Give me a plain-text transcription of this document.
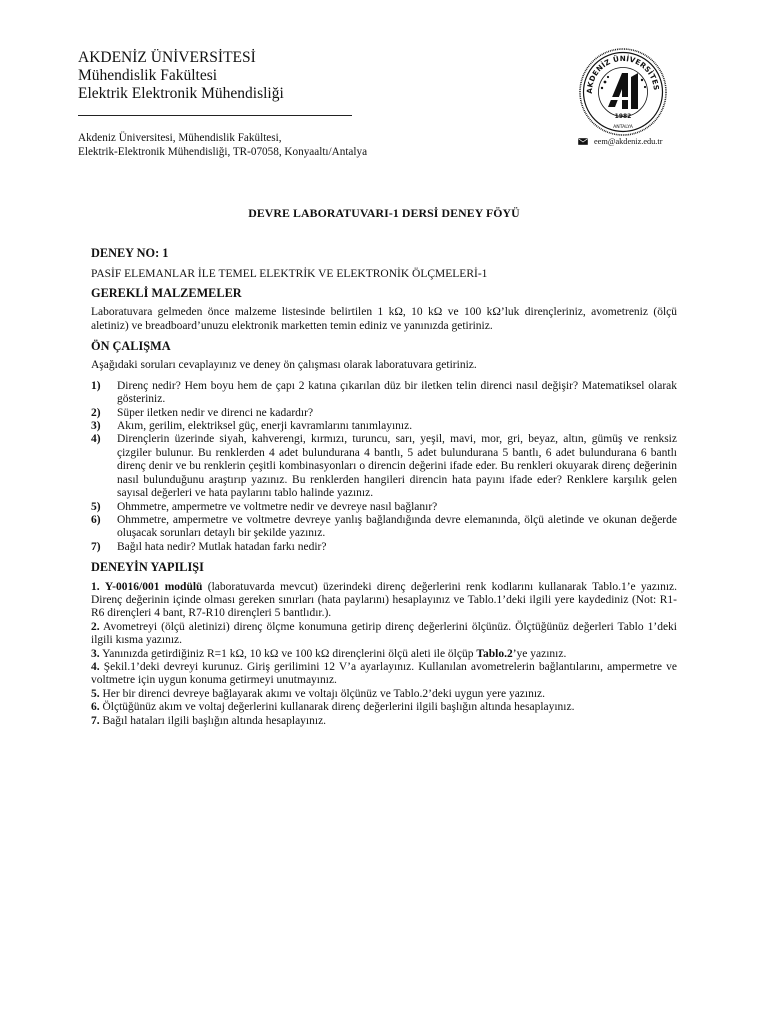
AKDENİZ ÜNİVERSİTESİ
Mühendislik Fakültesi
Elektrik Elektronik Mühendisliği
Akdeniz Üniversitesi, Mühendislik Fakültesi,
Elektrik-Elektronik Mühendisliği, TR-07058, Konyaaltı/Antalya
AKDENİZ ÜNİVERSİTES
1982
ANTALYA
eem@akdeniz.edu.tr
DEVRE LABORATUVARI-1 DERSİ DENEY FÖYÜ

DENEY NO: 1

PASİF ELEMANLAR İLE TEMEL ELEKTRİK VE ELEKTRONİK ÖLÇMELERİ-1

GEREKLİ MALZEMELER

Laboratuvara gelmeden önce malzeme listesinde belirtilen 1 kΩ, 10 kΩ ve 100 kΩ’luk dirençleriniz, avometreniz (ölçü aletiniz) ve breadboard’unuzu elektronik marketten temin ediniz ve yanınızda getiriniz.

ÖN ÇALIŞMA

Aşağıdaki soruları cevaplayınız ve deney ön çalışması olarak laboratuvara getiriniz.

1) Direnç nedir? Hem boyu hem de çapı 2 katına çıkarılan düz bir iletken telin direnci nasıl değişir? Matematiksel olarak gösteriniz.
2) Süper iletken nedir ve direnci ne kadardır?
3) Akım, gerilim, elektriksel güç, enerji kavramlarını tanımlayınız.
4) Dirençlerin üzerinde siyah, kahverengi, kırmızı, turuncu, sarı, yeşil, mavi, mor, gri, beyaz, altın, gümüş ve renksiz çizgiler bulunur. Bu renklerden 4 adet bulundurana 4 bantlı, 5 adet bulundurana 5 bantlı, 6 adet bulundurana 6 bantlı direnç denir ve bu renklerin çeşitli kombinasyonları o direncin değerini ifade eder. Bu renkleri okuyarak direnç değerinin nasıl bulunduğunu araştırıp yazınız. Bu renklerden hangileri direncin hata payını ifade eder? Renklere karşılık gelen sayısal değerleri ve hata paylarını tablo halinde yazınız.
5) Ohmmetre, ampermetre ve voltmetre nedir ve devreye nasıl bağlanır?
6) Ohmmetre, ampermetre ve voltmetre devreye yanlış bağlandığında devre elemanında, ölçü aletinde ve okunan değerde oluşacak sorunları detaylı bir şekilde yazınız.
7) Bağıl hata nedir? Mutlak hatadan farkı nedir?

DENEYİN YAPILIŞI

1. Y-0016/001 modülü (laboratuvarda mevcut) üzerindeki direnç değerlerini renk kodlarını kullanarak Tablo.1’e yazınız. Direnç değerinin içinde olması gereken sınırları (hata paylarını) hesaplayınız ve Tablo.1’deki ilgili yere kaydediniz (Not: R1-R6 dirençleri 4 bant, R7-R10 dirençleri 5 bantlıdır.).

2. Avometreyi (ölçü aletinizi) direnç ölçme konumuna getirip direnç değerlerini ölçünüz. Ölçtüğünüz değerleri Tablo 1’deki ilgili kısma yazınız.

3. Yanınızda getirdiğiniz R=1 kΩ, 10 kΩ ve 100 kΩ dirençlerini ölçü aleti ile ölçüp Tablo.2’ye yazınız.

4. Şekil.1’deki devreyi kurunuz. Giriş gerilimini 12 V’a ayarlayınız. Kullanılan avometrelerin bağlantılarını, ampermetre ve voltmetre için uygun konuma getirmeyi unutmayınız.

5. Her bir direnci devreye bağlayarak akımı ve voltajı ölçünüz ve Tablo.2’deki uygun yere yazınız.

6. Ölçtüğünüz akım ve voltaj değerlerini kullanarak direnç değerlerini ilgili başlığın altında hesaplayınız.

7. Bağıl hataları ilgili başlığın altında hesaplayınız.
